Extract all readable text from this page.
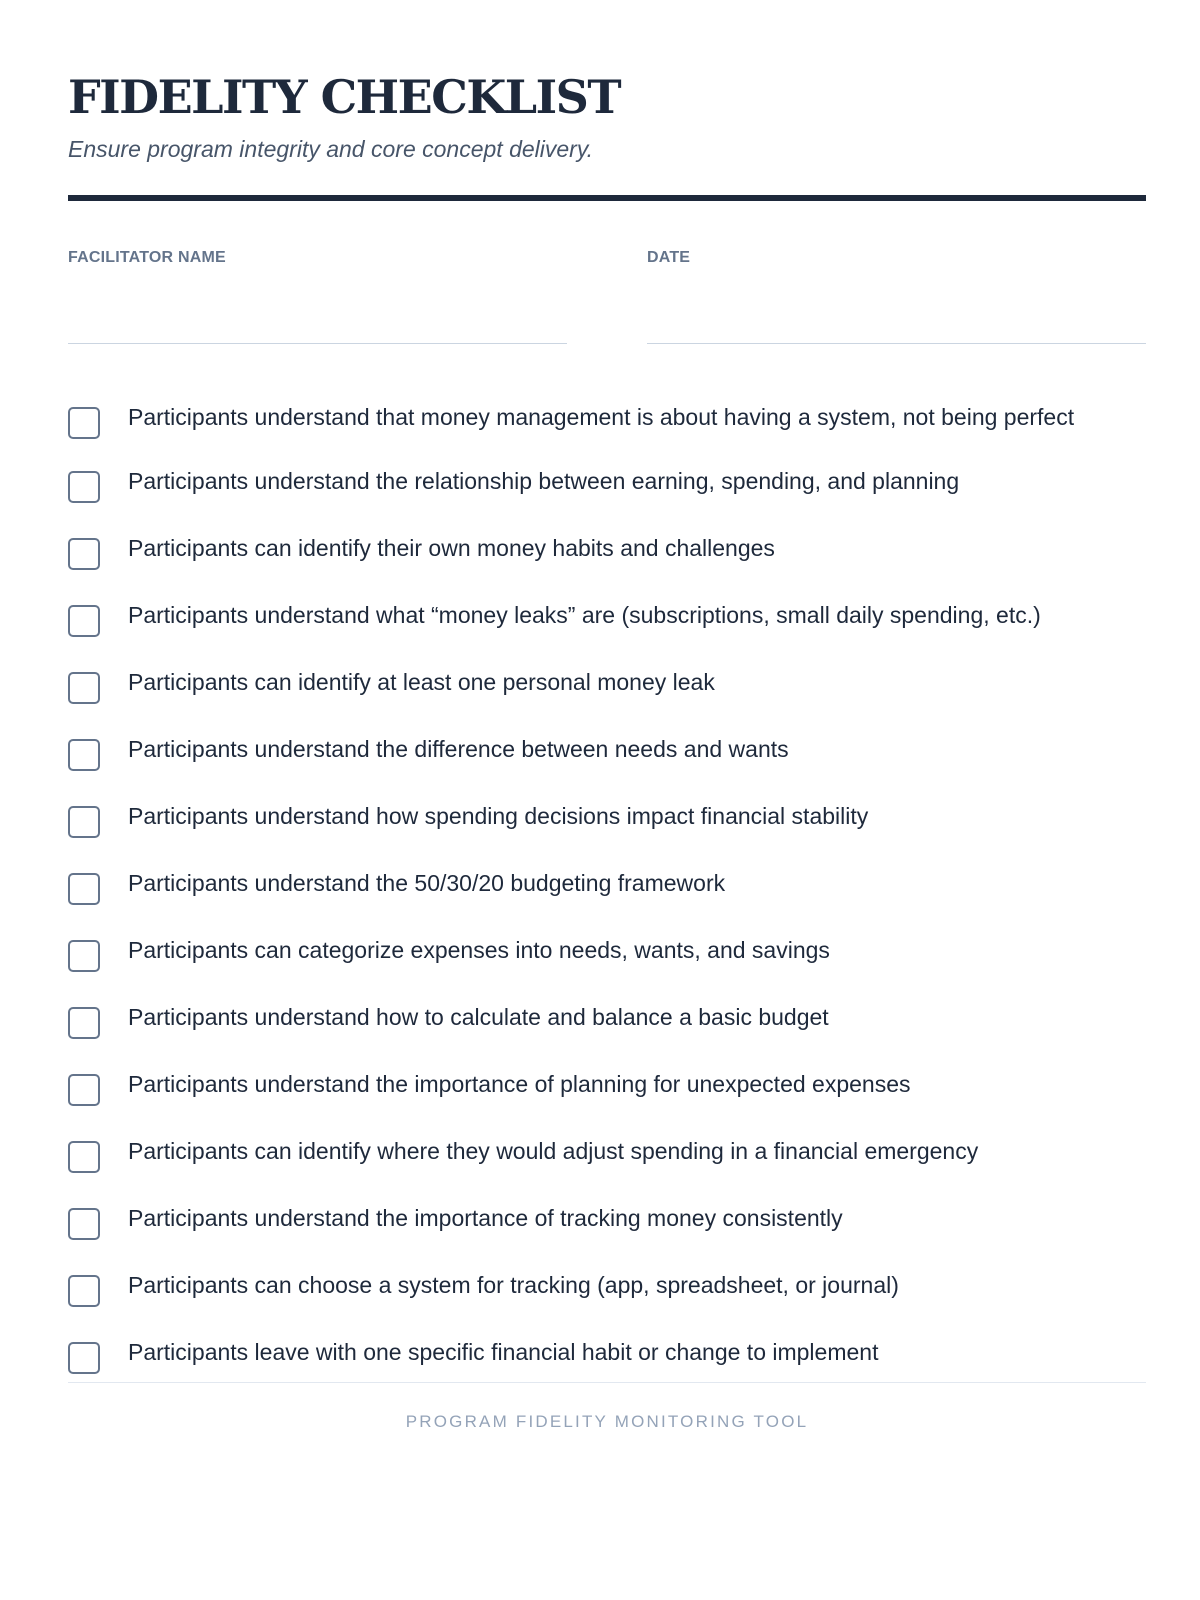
FIDELITY CHECKLIST

Ensure program integrity and core concept delivery.

FACILITATOR NAME	DATE
Participants understand that money management is about having a system, not being perfect
Participants understand the relationship between earning, spending, and planning
Participants can identify their own money habits and challenges
Participants understand what “money leaks” are (subscriptions, small daily spending, etc.)
Participants can identify at least one personal money leak
Participants understand the difference between needs and wants
Participants understand how spending decisions impact financial stability
Participants understand the 50/30/20 budgeting framework
Participants can categorize expenses into needs, wants, and savings
Participants understand how to calculate and balance a basic budget
Participants understand the importance of planning for unexpected expenses
Participants can identify where they would adjust spending in a financial emergency
Participants understand the importance of tracking money consistently
Participants can choose a system for tracking (app, spreadsheet, or journal)
Participants leave with one specific financial habit or change to implement
PROGRAM FIDELITY MONITORING TOOL
